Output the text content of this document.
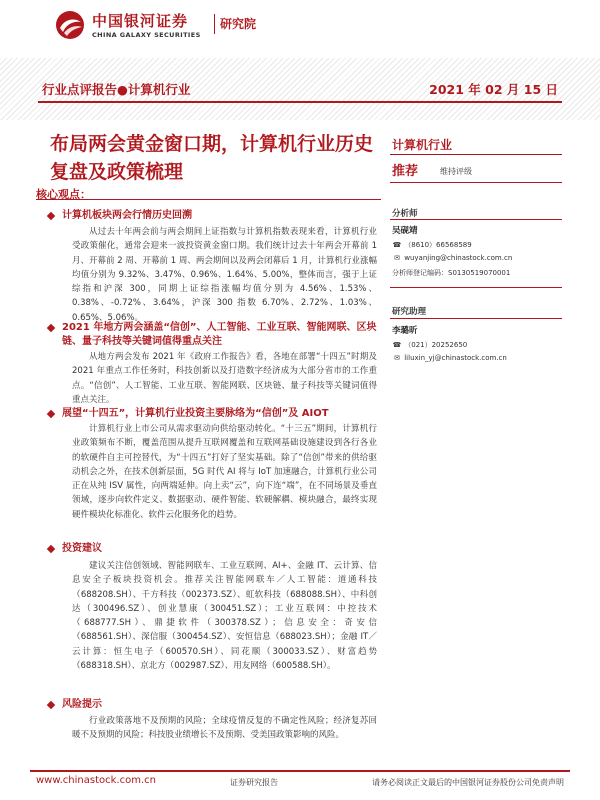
中国银河证券
CHINA GALAXY SECURITIES
研究院
行业点评报告●计算机行业	2021 年 02 月 15 日
布局两会黄金窗口期，计算机行业历史复盘及政策梳理
核心观点：
计算机板块两会行情历史回溯
从过去十年两会前与两会期间上证指数与计算机指数表现来看，计算机行业受政策催化，通常会迎来一波投资黄金窗口期。我们统计过去十年两会开幕前 1 月、开幕前 2 周、开幕前 1 周、两会期间以及两会闭幕后 1 月，计算机行业涨幅均值分别为 9.32%、3.47%、0.96%、1.64%、5.00%，整体而言，强于上证综指和沪深 300，同期上证综指涨幅均值分别为 4.56%、1.53%、0.38%、-0.72%、3.64%，沪深 300 指数 6.70%、2.72%、1.03%、0.65%、5.06%。
2021 年地方两会涵盖“信创”、人工智能、工业互联、智能网联、区块链、量子科技等关键词值得重点关注
从地方两会发布 2021 年《政府工作报告》看，各地在部署“十四五”时期及 2021 年重点工作任务时，科技创新以及打造数字经济成为大部分省市的工作重点。“信创”、人工智能、工业互联、智能网联、区块链、量子科技等关键词值得重点关注。
展望“十四五”，计算机行业投资主要脉络为“信创”及 AIOT
计算机行业上市公司从需求驱动向供给驱动转化。“十三五”期间，计算机行业政策频布不断，覆盖范围从提升互联网覆盖和互联网基础设施建设到各行各业的软硬件自主可控替代，为“十四五”打好了坚实基础。除了“信创”带来的供给驱动机会之外，在技术创新层面，5G 时代 AI 将与 IoT 加速融合，计算机行业公司正在从纯 ISV 属性，向两端延伸。向上卖“云”，向下连“端”，在不同场景及垂直领域，逐步向软件定义、数据驱动、硬件智能、软硬解耦、模块融合，最终实现硬件模块化标准化、软件云化服务化的趋势。
投资建议
建议关注信创领域、智能网联车、工业互联网、AI+、金融 IT、云计算、信息安全子板块投资机会。推荐关注智能网联车／人工智能：道通科技（688208.SH）、千方科技（002373.SZ）、虹软科技（688088.SH）、中科创达（300496.SZ）、创业慧康（300451.SZ）；工业互联网：中控技术（688777.SH）、鼎捷软件（300378.SZ）；信息安全：奇安信（688561.SH）、深信服（300454.SZ）、安恒信息（688023.SH）；金融 IT／云计算：恒生电子（600570.SH）、同花顺（300033.SZ）、财富趋势（688318.SH）、京北方（002987.SZ）、用友网络（600588.SH）。
风险提示
行业政策落地不及预期的风险；全球疫情反复的不确定性风险；经济复苏回暖不及预期的风险；科技股业绩增长不及预期、受美国政策影响的风险。
计算机行业
推荐	维持评级
分析师
吴砚靖
☎ （8610）66568589
✉ wuyanjing@chinastock.com.cn
分析师登记编码：S0130519070001
研究助理
李璐昕
☎ （021）20252650
✉ liluxin_yj@chinastock.com.cn
www.chinastock.com.cn	证券研究报告	请务必阅读正文最后的中国银河证券股份公司免责声明
